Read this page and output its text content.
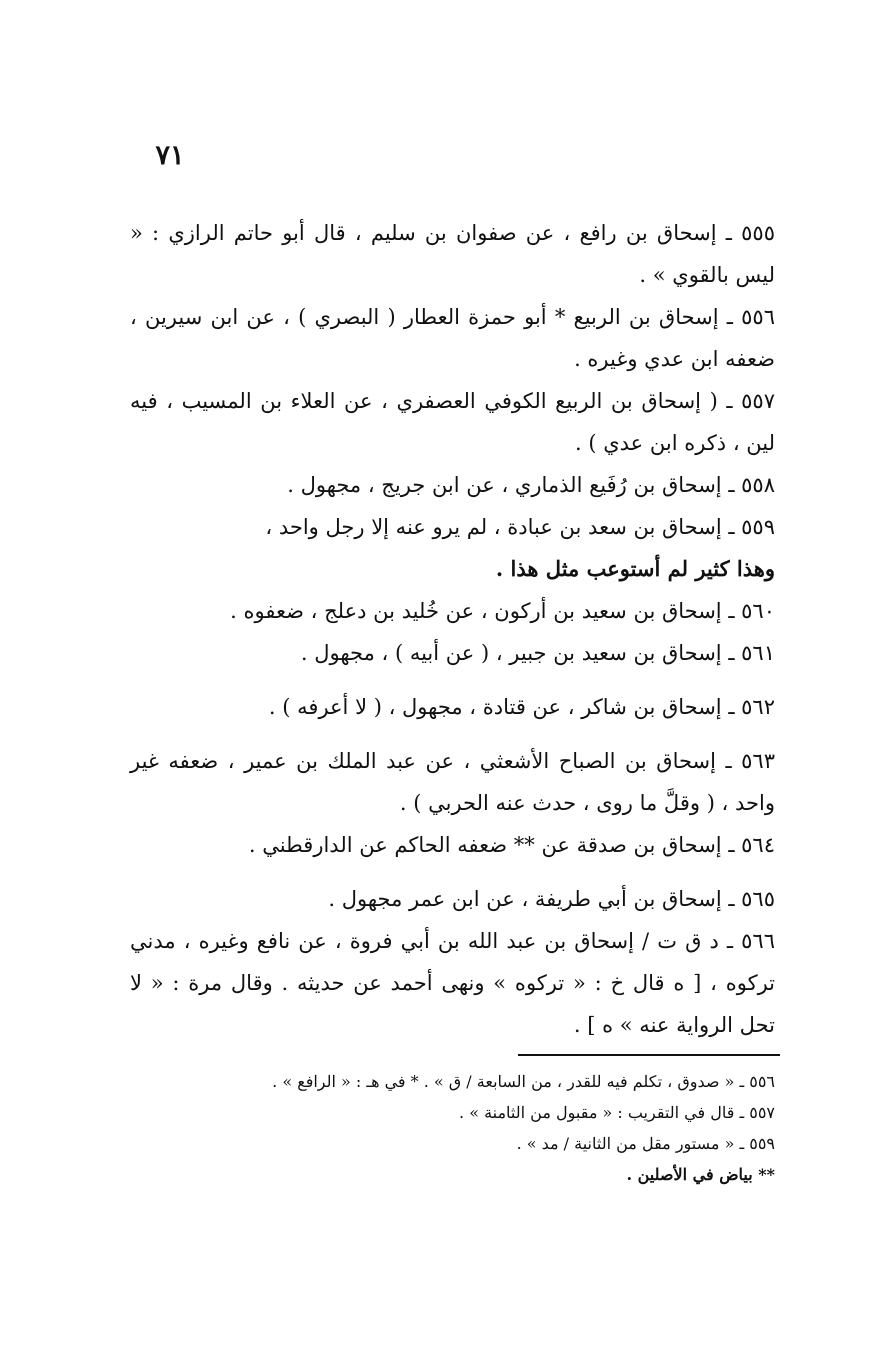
٧١

٥٥٥ ـ إسحاق بن رافع ، عن صفوان بن سليم ، قال أبو حاتم الرازي : « ليس بالقوي » .

٥٥٦ ـ إسحاق بن الربيع * أبو حمزة العطار ( البصري ) ، عن ابن سيرين ، ضعفه ابن عدي وغيره .

٥٥٧ ـ ( إسحاق بن الربيع الكوفي العصفري ، عن العلاء بن المسيب ، فيه لين ، ذكره ابن عدي ) .

٥٥٨ ـ إسحاق بن رُفَيع الذماري ، عن ابن جريج ، مجهول .

٥٥٩ ـ إسحاق بن سعد بن عبادة ، لم يرو عنه إلا رجل واحد ،

وهذا كثير لم أستوعب مثل هذا .

٥٦٠ ـ إسحاق بن سعيد بن أركون ، عن خُليد بن دعلج ، ضعفوه .

٥٦١ ـ إسحاق بن سعيد بن جبير ، ( عن أبيه ) ، مجهول .

٥٦٢ ـ إسحاق بن شاكر ، عن قتادة ، مجهول ، ( لا أعرفه ) .

٥٦٣ ـ إسحاق بن الصباح الأشعثي ، عن عبد الملك بن عمير ، ضعفه غير واحد ، ( وقلَّ ما روى ، حدث عنه الحربي ) .

٥٦٤ ـ إسحاق بن صدقة عن ** ضعفه الحاكم عن الدارقطني .

٥٦٥ ـ إسحاق بن أبي طريفة ، عن ابن عمر مجهول .

٥٦٦ ـ د ق ت / إسحاق بن عبد الله بن أبي فروة ، عن نافع وغيره ، مدني تركوه ، [ ه قال خ : « تركوه » ونهى أحمد عن حديثه . وقال مرة : « لا تحل الرواية عنه » ه ] .

٥٥٦ ـ « صدوق ، تكلم فيه للقدر ، من السابعة / ق » . * في هـ : « الرافع » .

٥٥٧ ـ قال في التقريب : « مقبول من الثامنة » .

٥٥٩ ـ « مستور مقل من الثانية / مد » .

** بياض في الأصلين .
